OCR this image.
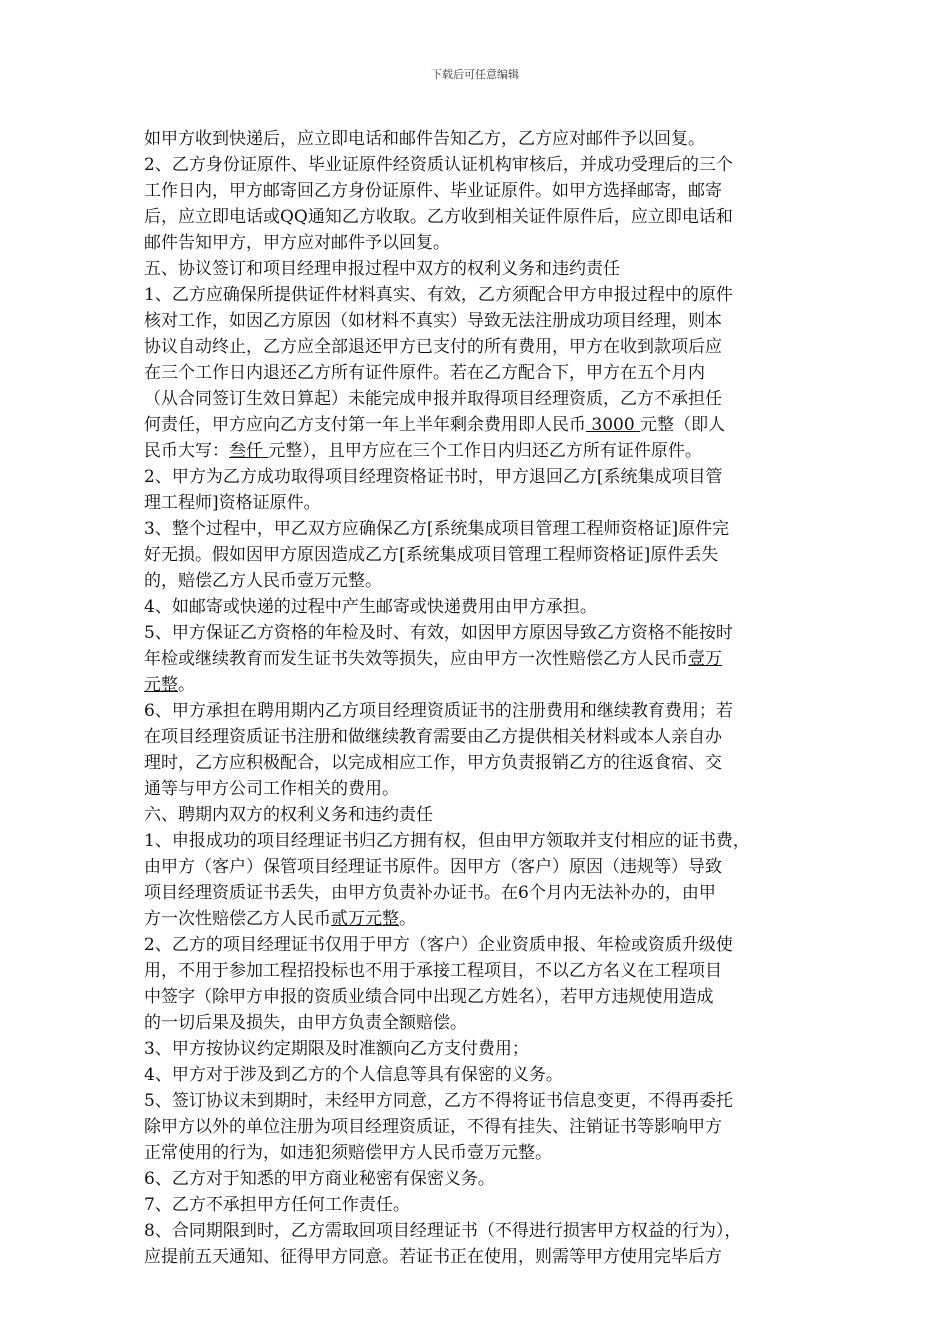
下载后可任意编辑
如甲方收到快递后，应立即电话和邮件告知乙方，乙方应对邮件予以回复。
2、乙方身份证原件、毕业证原件经资质认证机构审核后，并成功受理后的三个
工作日内，甲方邮寄回乙方身份证原件、毕业证原件。如甲方选择邮寄，邮寄
后，应立即电话或QQ通知乙方收取。乙方收到相关证件原件后，应立即电话和
邮件告知甲方，甲方应对邮件予以回复。
五、协议签订和项目经理申报过程中双方的权利义务和违约责任
1、乙方应确保所提供证件材料真实、有效，乙方须配合甲方申报过程中的原件
核对工作，如因乙方原因（如材料不真实）导致无法注册成功项目经理，则本
协议自动终止，乙方应全部退还甲方已支付的所有费用，甲方在收到款项后应
在三个工作日内退还乙方所有证件原件。若在乙方配合下，甲方在五个月内
（从合同签订生效日算起）未能完成申报并取得项目经理资质，乙方不承担任
何责任，甲方应向乙方支付第一年上半年剩余费用即人民币 3000 元整（即人
民币大写：叁仟 元整），且甲方应在三个工作日内归还乙方所有证件原件。
2、甲方为乙方成功取得项目经理资格证书时，甲方退回乙方[系统集成项目管
理工程师]资格证原件。
3、整个过程中，甲乙双方应确保乙方[系统集成项目管理工程师资格证]原件完
好无损。假如因甲方原因造成乙方[系统集成项目管理工程师资格证]原件丢失
的，赔偿乙方人民币壹万元整。
4、如邮寄或快递的过程中产生邮寄或快递费用由甲方承担。
5、甲方保证乙方资格的年检及时、有效，如因甲方原因导致乙方资格不能按时
年检或继续教育而发生证书失效等损失，应由甲方一次性赔偿乙方人民币壹万
元整。
6、甲方承担在聘用期内乙方项目经理资质证书的注册费用和继续教育费用；若
在项目经理资质证书注册和做继续教育需要由乙方提供相关材料或本人亲自办
理时，乙方应积极配合，以完成相应工作，甲方负责报销乙方的往返食宿、交
通等与甲方公司工作相关的费用。
六、聘期内双方的权利义务和违约责任
1、申报成功的项目经理证书归乙方拥有权，但由甲方领取并支付相应的证书费，
由甲方（客户）保管项目经理证书原件。因甲方（客户）原因（违规等）导致
项目经理资质证书丢失，由甲方负责补办证书。在6个月内无法补办的，由甲
方一次性赔偿乙方人民币贰万元整。
2、乙方的项目经理证书仅用于甲方（客户）企业资质申报、年检或资质升级使
用，不用于参加工程招投标也不用于承接工程项目，不以乙方名义在工程项目
中签字（除甲方申报的资质业绩合同中出现乙方姓名），若甲方违规使用造成
的一切后果及损失，由甲方负责全额赔偿。
3、甲方按协议约定期限及时准额向乙方支付费用；
4、甲方对于涉及到乙方的个人信息等具有保密的义务。
5、签订协议未到期时，未经甲方同意，乙方不得将证书信息变更，不得再委托
除甲方以外的单位注册为项目经理资质证，不得有挂失、注销证书等影响甲方
正常使用的行为，如违犯须赔偿甲方人民币壹万元整。
6、乙方对于知悉的甲方商业秘密有保密义务。
7、乙方不承担甲方任何工作责任。
8、合同期限到时，乙方需取回项目经理证书（不得进行损害甲方权益的行为），
应提前五天通知、征得甲方同意。若证书正在使用，则需等甲方使用完毕后方
